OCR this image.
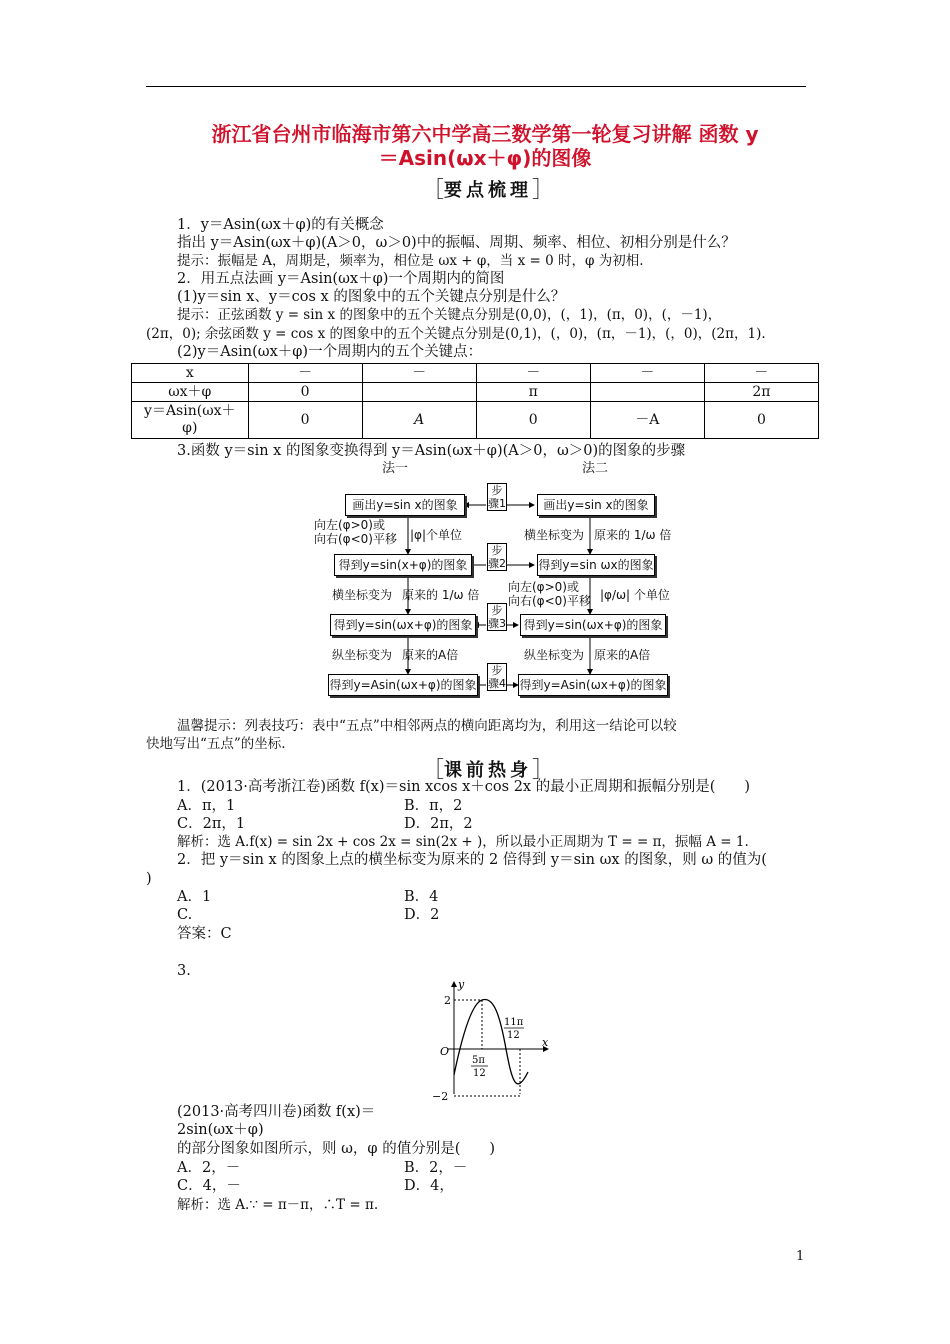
浙江省台州市临海市第六中学高三数学第一轮复习讲解 函数 y
＝Asin(ωx＋φ)的图像
［要点梳理］
1．y＝Asin(ωx＋φ)的有关概念
指出 y＝Asin(ωx＋φ)(A＞0，ω＞0)中的振幅、周期、频率、相位、初相分别是什么？
提示：振幅是 A，周期是，频率为，相位是 ωx + φ，当 x = 0 时，φ 为初相.
2．用五点法画 y＝Asin(ωx＋φ)一个周期内的简图
(1)y＝sin x、y＝cos x 的图象中的五个关键点分别是什么？
提示：正弦函数 y = sin x 的图象中的五个关键点分别是(0,0)，(，1)，(π，0)，(，－1)，
(2π，0); 余弦函数 y = cos x 的图象中的五个关键点分别是(0,1)，(，0)，(π，－1)，(，0)，(2π，1).
(2)y＝Asin(ωx＋φ)一个周期内的五个关键点：
x	－	－	－	－	－
ωx＋φ	0		π		2π
y＝Asin(ωx＋φ)	0	A	0	－A	0
3.函数 y＝sin x 的图象变换得到 y＝Asin(ωx＋φ)(A＞0，ω＞0)的图象的步骤
法一	法二
画出y=sin x的图象
得到y=sin(x+φ)的图象
得到y=sin(ωx+φ)的图象
得到y=Asin(ωx+φ)的图象
画出y=sin x的图象
得到y=sin ωx的图象
得到y=sin(ωx+φ)的图象
得到y=Asin(ωx+φ)的图象
步骤1
步骤2
步骤3
步骤4
向左(φ>0)或
向右(φ<0)平移 |φ|个单位
横坐标变为 原来的 1/ω 倍
纵坐标变为 原来的A倍
横坐标变为 原来的 1/ω 倍
向左(φ>0)或
向右(φ<0)平移 |φ/ω| 个单位
纵坐标变为 原来的A倍
温馨提示：列表技巧：表中“五点”中相邻两点的横向距离均为，利用这一结论可以较
快地写出“五点”的坐标.
［课前热身］
1．(2013·高考浙江卷)函数 f(x)＝sin xcos x＋cos 2x 的最小正周期和振幅分别是(　　)
A．π，1	B．π，2
C．2π，1	D．2π，2
解析：选 A.f(x) = sin 2x + cos 2x = sin(2x + )，所以最小正周期为 T = = π，振幅 A = 1.
2．把 y＝sin x 的图象上点的横坐标变为原来的 2 倍得到 y＝sin ωx 的图象，则 ω 的值为(
)
A．1	B．4
C.	D．2
答案：C
3.
2
−2
O
x
y
5π
12
11π
12
(2013·高考四川卷)函数 f(x)＝
2sin(ωx＋φ)
的部分图象如图所示，则 ω，φ 的值分别是(　　)
A．2，－	B．2，－
C．4，－	D．4，
解析：选 A.∵ = π－π，∴T = π.
1
